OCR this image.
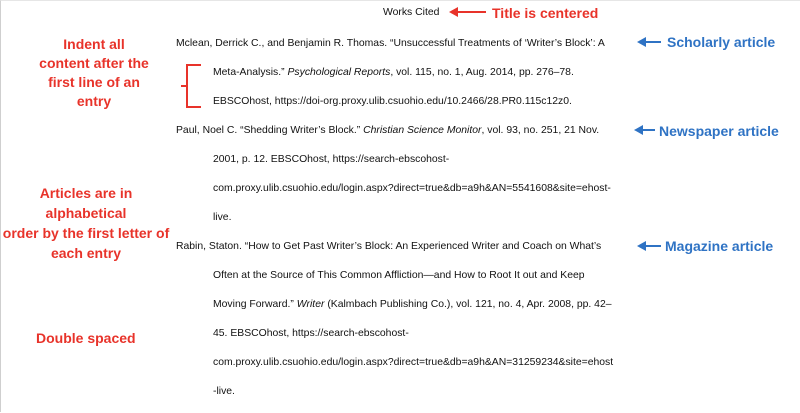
Works Cited
Mclean, Derrick C., and Benjamin R. Thomas. “Unsuccessful Treatments of ‘Writer’s Block’: A
Meta-Analysis.” Psychological Reports, vol. 115, no. 1, Aug. 2014, pp. 276–78.
EBSCOhost, https://doi-org.proxy.ulib.csuohio.edu/10.2466/28.PR0.115c12z0.
Paul, Noel C. “Shedding Writer’s Block.” Christian Science Monitor, vol. 93, no. 251, 21 Nov.
2001, p. 12. EBSCOhost, https://search-ebscohost-
com.proxy.ulib.csuohio.edu/login.aspx?direct=true&db=a9h&AN=5541608&site=ehost-
live.
Rabin, Staton. “How to Get Past Writer’s Block: An Experienced Writer and Coach on What’s
Often at the Source of This Common Affliction—and How to Root It out and Keep
Moving Forward.” Writer (Kalmbach Publishing Co.), vol. 121, no. 4, Apr. 2008, pp. 42–
45. EBSCOhost, https://search-ebscohost-
com.proxy.ulib.csuohio.edu/login.aspx?direct=true&db=a9h&AN=31259234&site=ehost
-live.
Title is centered
Indent all
content after the
first line of an
entry
Scholarly article
Newspaper article
Articles are in alphabetical
order by the first letter of
each entry	Magazine article
Double spaced
